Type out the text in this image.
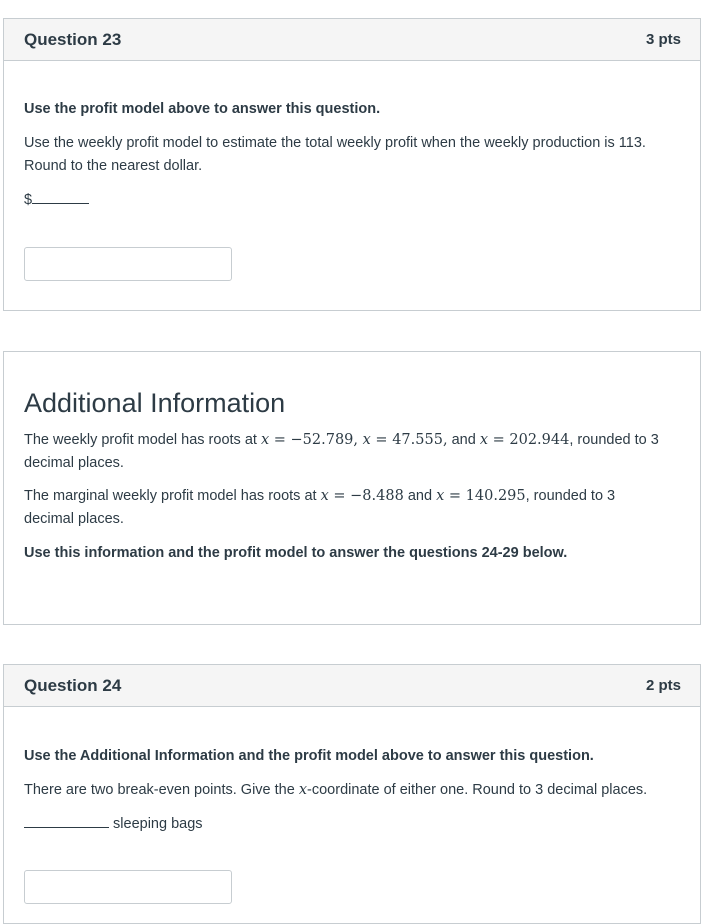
Question 23	3 pts

Use the profit model above to answer this question.

Use the weekly profit model to estimate the total weekly profit when the weekly production is 113. Round to the nearest dollar.

$

Additional Information

The weekly profit model has roots at x = −52.789, x = 47.555, and x = 202.944, rounded to 3 decimal places.

The marginal weekly profit model has roots at x = −8.488 and x = 140.295, rounded to 3 decimal places.

Use this information and the profit model to answer the questions 24-29 below.

Question 24	2 pts

Use the Additional Information and the profit model above to answer this question.

There are two break-even points. Give the x-coordinate of either one. Round to 3 decimal places.

sleeping bags
